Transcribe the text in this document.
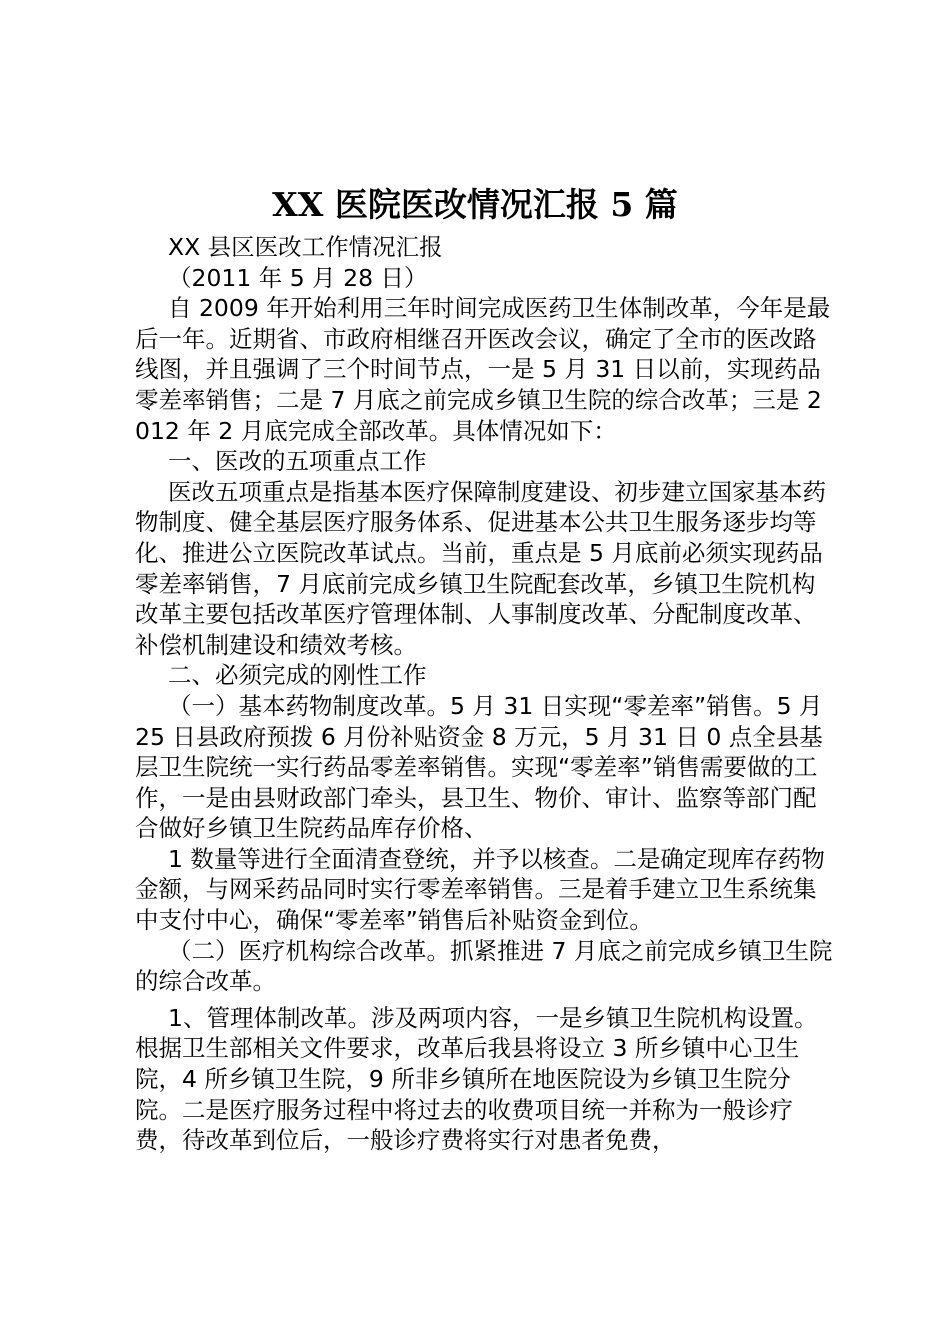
XX 医院医改情况汇报 5 篇

XX 县区医改工作情况汇报

（2011 年 5 月 28 日）

自 2009 年开始利用三年时间完成医药卫生体制改革，今年是最后一年。近期省、市政府相继召开医改会议，确定了全市的医改路线图，并且强调了三个时间节点，一是 5 月 31 日以前，实现药品零差率销售；二是 7 月底之前完成乡镇卫生院的综合改革；三是 2012 年 2 月底完成全部改革。具体情况如下：

一、医改的五项重点工作

医改五项重点是指基本医疗保障制度建设、初步建立国家基本药物制度、健全基层医疗服务体系、促进基本公共卫生服务逐步均等化、推进公立医院改革试点。当前，重点是 5 月底前必须实现药品零差率销售，7 月底前完成乡镇卫生院配套改革，乡镇卫生院机构改革主要包括改革医疗管理体制、人事制度改革、分配制度改革、补偿机制建设和绩效考核。

二、必须完成的刚性工作

（一）基本药物制度改革。5 月 31 日实现“零差率”销售。5 月 25 日县政府预拨 6 月份补贴资金 8 万元，5 月 31 日 0 点全县基层卫生院统一实行药品零差率销售。实现“零差率”销售需要做的工作，一是由县财政部门牵头，县卫生、物价、审计、监察等部门配合做好乡镇卫生院药品库存价格、

1 数量等进行全面清查登统，并予以核查。二是确定现库存药物金额，与网采药品同时实行零差率销售。三是着手建立卫生系统集中支付中心，确保“零差率”销售后补贴资金到位。

（二）医疗机构综合改革。抓紧推进 7 月底之前完成乡镇卫生院的综合改革。

1、管理体制改革。涉及两项内容，一是乡镇卫生院机构设置。根据卫生部相关文件要求，改革后我县将设立 3 所乡镇中心卫生院，4 所乡镇卫生院，9 所非乡镇所在地医院设为乡镇卫生院分院。二是医疗服务过程中将过去的收费项目统一并称为一般诊疗费，待改革到位后，一般诊疗费将实行对患者免费，
